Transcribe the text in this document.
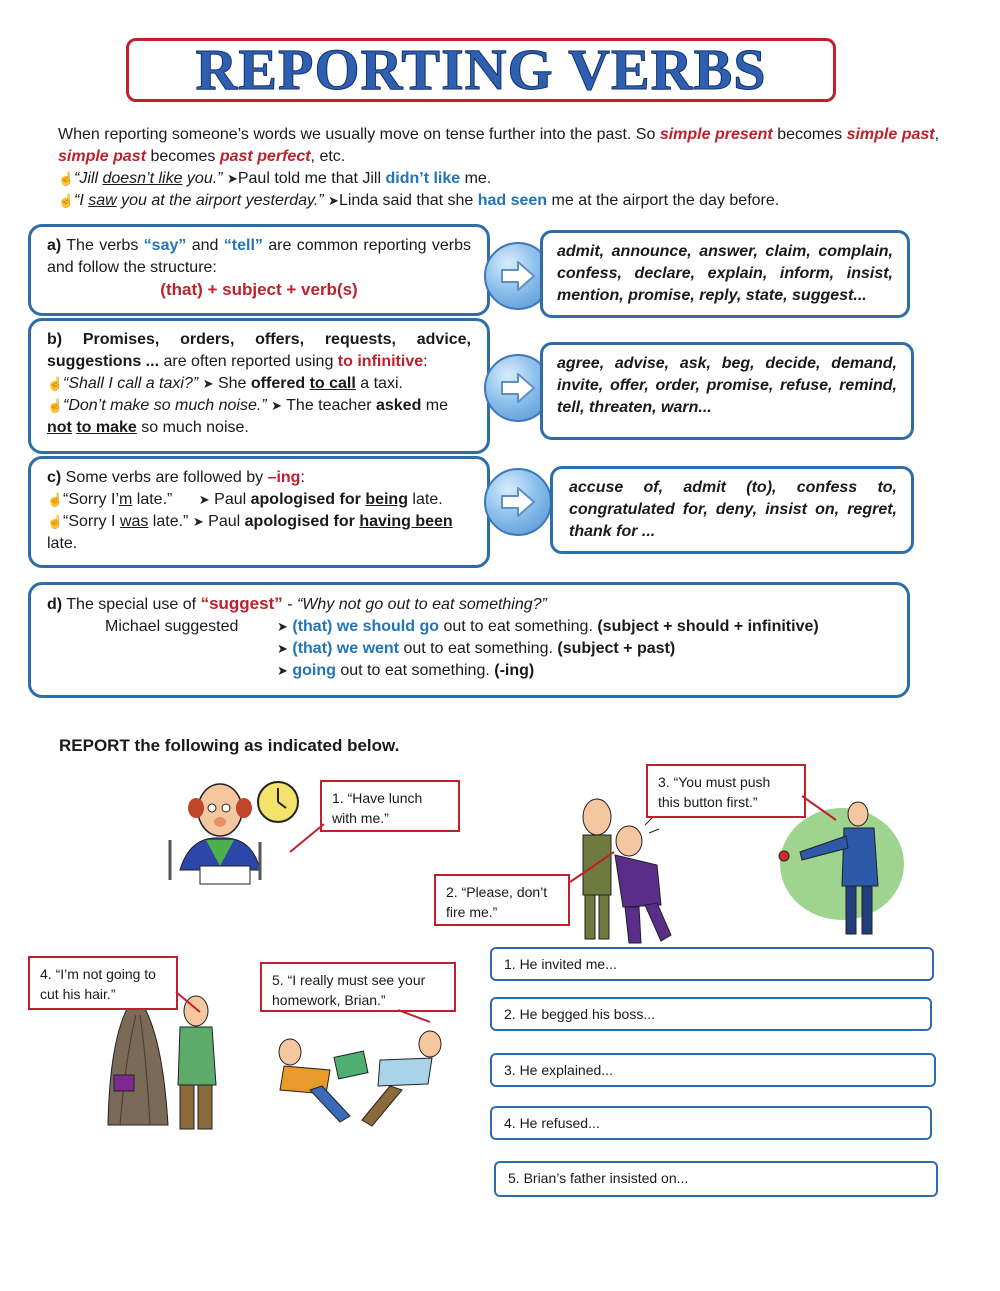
REPORTING VERBS
When reporting someone’s words we usually move on tense further into the past. So simple present becomes simple past, simple past becomes past perfect, etc.
☝“Jill doesn’t like you.” ➤Paul told me that Jill didn’t like me.
☝“I saw you at the airport yesterday.” ➤Linda said that she had seen me at the airport the day before.
a) The verbs “say” and “tell” are common reporting verbs and follow the structure:
(that) + subject + verb(s)
admit, announce, answer, claim, complain, confess, declare, explain, inform, insist, mention, promise, reply, state, suggest...
b) Promises, orders, offers, requests, advice, suggestions ... are often reported using to infinitive:
☝“Shall I call a taxi?” ➤ She offered to call a taxi.
☝“Don’t make so much noise.” ➤ The teacher asked me not to make so much noise.
agree, advise, ask, beg, decide, demand, invite, offer, order, promise, refuse, remind, tell, threaten, warn...
c) Some verbs are followed by –ing:
☝“Sorry I’m late.” ➤ Paul apologised for being late.
☝“Sorry I was late.” ➤ Paul apologised for having been late.
accuse of, admit (to), confess to, congratulated for, deny, insist on, regret, thank for ...
d) The special use of “suggest” - “Why not go out to eat something?”
Michael suggested	➤ (that) we should go out to eat something. (subject + should + infinitive)
➤ (that) we went out to eat something. (subject + past)
➤ going out to eat something. (-ing)
REPORT the following as indicated below.
1. “Have lunch with me.”
2. “Please, don’t fire me.”
3. “You must push this button first.”
4. “I’m not going to cut his hair.”
5. “I really must see your homework, Brian.”
1. He invited me...
2. He begged his boss...
3. He explained...
4. He refused...
5. Brian’s father insisted on...
